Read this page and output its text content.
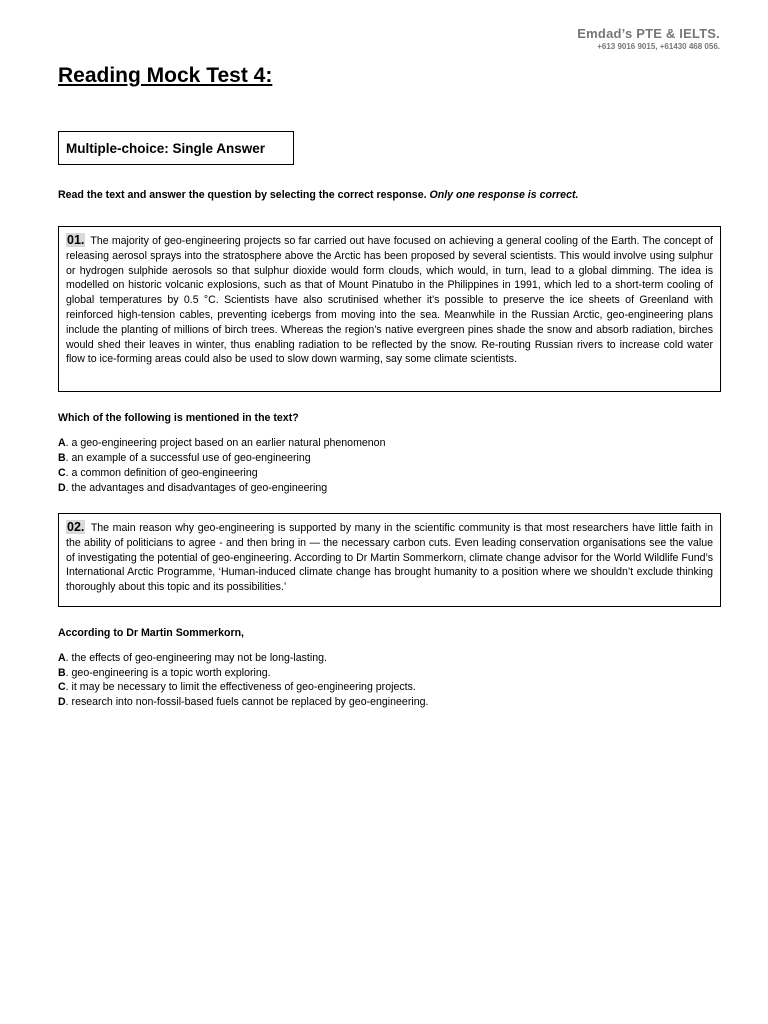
Emdad’s PTE & IELTS.
+613 9016 9015, +61430 468 056.
Reading Mock Test 4:
Multiple-choice: Single Answer
Read the text and answer the question by selecting the correct response. Only one response is correct.
01. The majority of geo-engineering projects so far carried out have focused on achieving a general cooling of the Earth. The concept of releasing aerosol sprays into the stratosphere above the Arctic has been proposed by several scientists. This would involve using sulphur or hydrogen sulphide aerosols so that sulphur dioxide would form clouds, which would, in turn, lead to a global dimming. The idea is modelled on historic volcanic explosions, such as that of Mount Pinatubo in the Philippines in 1991, which led to a short-term cooling of global temperatures by 0.5 °C. Scientists have also scrutinised whether it's possible to preserve the ice sheets of Greenland with reinforced high-tension cables, preventing icebergs from moving into the sea. Meanwhile in the Russian Arctic, geo-engineering plans include the planting of millions of birch trees. Whereas the region’s native evergreen pines shade the snow and absorb radiation, birches would shed their leaves in winter, thus enabling radiation to be reflected by the snow. Re-routing Russian rivers to increase cold water flow to ice-forming areas could also be used to slow down warming, say some climate scientists.
Which of the following is mentioned in the text?
A. a geo-engineering project based on an earlier natural phenomenon
B. an example of a successful use of geo-engineering
C. a common definition of geo-engineering
D. the advantages and disadvantages of geo-engineering
02. The main reason why geo-engineering is supported by many in the scientific community is that most researchers have little faith in the ability of politicians to agree - and then bring in — the necessary carbon cuts. Even leading conservation organisations see the value of investigating the potential of geo-engineering. According to Dr Martin Sommerkorn, climate change advisor for the World Wildlife Fund’s International Arctic Programme, ‘Human-induced climate change has brought humanity to a position where we shouldn’t exclude thinking thoroughly about this topic and its possibilities.’
According to Dr Martin Sommerkorn,
A. the effects of geo-engineering may not be long-lasting.
B. geo-engineering is a topic worth exploring.
C. it may be necessary to limit the effectiveness of geo-engineering projects.
D. research into non-fossil-based fuels cannot be replaced by geo-engineering.
